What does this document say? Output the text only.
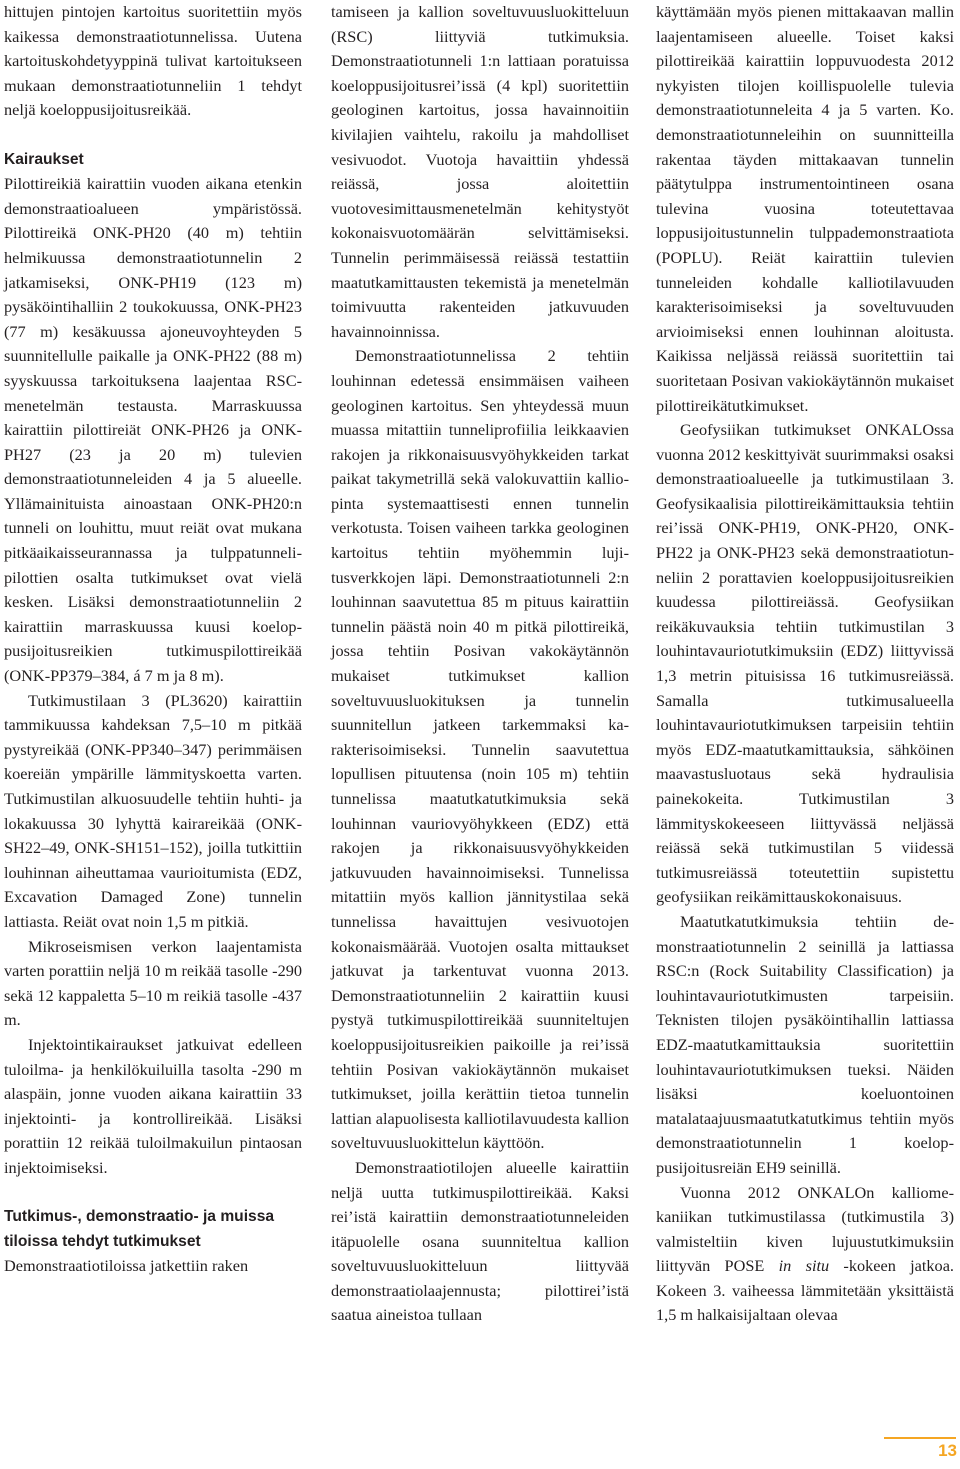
hittujen pintojen kartoitus suoritettiin myös kaikessa demonstraatiotunnelissa. Uutena kartoituskohdetyyppinä tulivat kartoitukseen mukaan demonstraatiotunneliin 1 tehdyt neljä koeloppusijoitusreikää.

Kairaukset

Pilottireikiä kairattiin vuoden aikana etenkin demonstraatioalueen ympäristössä. Pilottireikä ONK-PH20 (40 m) tehtiin helmikuussa demonstraatiotunnelin 2 jatkamiseksi, ONK-PH19 (123 m) pysäköintihalliin 2 toukokuussa, ONK-PH23 (77 m) kesäkuussa ajoneuvoyhteyden 5 suunnitellulle paikalle ja ONK-PH22 (88 m) syyskuussa tarkoituksena laajentaa RSC-menetelmän testausta. Marraskuussa kairattiin pilottireiät ONK-PH26 ja ONK-PH27 (23 ja 20 m) tulevien demonstraatiotunneleiden 4 ja 5 alueelle. Yllämainituista ainoastaan ONK-PH20:n tunneli on louhittu, muut reiät ovat mukana pitkäaikaisseurannassa ja tulppatunnelipilottien osalta tutkimukset ovat vielä kesken. Lisäksi demonstraatiotunneliin 2 kairattiin marraskuussa kuusi koeloppusijoitusreikien tutkimuspilottireikää (ONK-PP379–384, á 7 m ja 8 m).

Tutkimustilaan 3 (PL3620) kairattiin tammikuussa kahdeksan 7,5–10 m pitkää pystyreikää (ONK-PP340–347) perimmäisen koereiän ympärille lämmityskoetta varten. Tutkimustilan alkuosuudelle tehtiin huhti- ja lokakuussa 30 lyhyttä kairareikää (ONK-SH22–49, ONK-SH151–152), joilla tutkittiin louhinnan aiheuttamaa vaurioitumista (EDZ, Excavation Damaged Zone) tunnelin lattiasta. Reiät ovat noin 1,5 m pitkiä.

Mikroseismisen verkon laajentamista varten porattiin neljä 10 m reikää tasolle -290 sekä 12 kappaletta 5–10 m reikiä tasolle -437 m.

Injektointikairaukset jatkuivat edelleen tuloilma- ja henkilökuiluilla tasolta -290 m alaspäin, jonne vuoden aikana kairattiin 33 injektointi- ja kontrollireikää. Lisäksi porattiin 12 reikää tuloilmakuilun pintaosan injektoimiseksi.

Tutkimus-, demonstraatio- ja muissa tiloissa tehdyt tutkimukset

Demonstraatiotiloissa jatkettiin raken

tamiseen ja kallion soveltuvuusluokitteluun (RSC) liittyviä tutkimuksia. Demonstraatiotunneli 1:n lattiaan poratuissa koeloppusijoitusrei’issä (4 kpl) suoritettiin geologinen kartoitus, jossa havainnoitiin kivilajien vaihtelu, rakoilu ja mahdolliset vesivuodot. Vuotoja havaittiin yhdessä reiässä, jossa aloitettiin vuotovesimittausmenetelmän kehitystyöt kokonaisvuotomäärän selvittämiseksi. Tunnelin perimmäisessä reiässä testattiin maatutkamittausten tekemistä ja menetelmän toimivuutta rakenteiden jatkuvuuden havainnoinnissa.

Demonstraatiotunnelissa 2 tehtiin louhinnan edetessä ensimmäisen vaiheen geologinen kartoitus. Sen yhteydessä muun muassa mitattiin tunneliprofiilia leikkaavien rakojen ja rikkonaisuusvyöhykkeiden tarkat paikat takymetrillä sekä valokuvattiin kalliopinta systemaattisesti ennen tunnelin verkotusta. Toisen vaiheen tarkka geologinen kartoitus tehtiin myöhemmin lujitusverkkojen läpi. Demonstraatiotunneli 2:n louhinnan saavutettua 85 m pituus kairattiin tunnelin päästä noin 40 m pitkä pilottireikä, jossa tehtiin Posivan vakokäytännön mukaiset tutkimukset kallion soveltuvuusluokituksen ja tunnelin suunnitellun jatkeen tarkemmaksi karakterisoimiseksi. Tunnelin saavutettua lopullisen pituutensa (noin 105 m) tehtiin tunnelissa maatutkatutkimuksia sekä louhinnan vauriovyöhykkeen (EDZ) että rakojen ja rikkonaisuusvyöhykkeiden jatkuvuuden havainnoimiseksi. Tunnelissa mitattiin myös kallion jännitystilaa sekä tunnelissa havaittujen vesivuotojen kokonaismäärää. Vuotojen osalta mittaukset jatkuvat ja tarkentuvat vuonna 2013. Demonstraatiotunneliin 2 kairattiin kuusi pystyä tutkimuspilottireikää suunniteltujen koeloppusijoitusreikien paikoille ja rei’issä tehtiin Posivan vakiokäytännön mukaiset tutkimukset, joilla kerättiin tietoa tunnelin lattian alapuolisesta kalliotilavuudesta kallion soveltuvuusluokittelun käyttöön.

Demonstraatiotilojen alueelle kairattiin neljä uutta tutkimuspilottireikää. Kaksi rei’istä kairattiin demonstraatiotunneleiden itäpuolelle osana suunniteltua kallion soveltuvuusluokitteluun liittyvää demonstraatiolaajennusta; pilottirei’istä saatua aineistoa tullaan

käyttämään myös pienen mittakaavan mallin laajentamiseen alueelle. Toiset kaksi pilottireikää kairattiin loppuvuodesta 2012 nykyisten tilojen koillispuolelle tulevia demonstraatiotunneleita 4 ja 5 varten. Ko. demonstraatiotunneleihin on suunnitteilla rakentaa täyden mittakaavan tunnelin päätytulppa instrumentointineen osana tulevina vuosina toteutettavaa loppusijoitustunnelin tulppademonstraatiota (POPLU). Reiät kairattiin tulevien tunneleiden kohdalle kalliotilavuuden karakterisoimiseksi ja soveltuvuuden arvioimiseksi ennen louhinnan aloitusta. Kaikissa neljässä reiässä suoritettiin tai suoritetaan Posivan vakiokäytännön mukaiset pilottireikätutkimukset.

Geofysiikan tutkimukset ONKALOssa vuonna 2012 keskittyivät suurimmaksi osaksi demonstraatioalueelle ja tutkimustilaan 3. Geofysikaalisia pilottireikämittauksia tehtiin rei’issä ONK-PH19, ONK-PH20, ONK-PH22 ja ONK-PH23 sekä demonstraatiotunneliin 2 porattavien koeloppusijoitusreikien kuudessa pilottireiässä. Geofysiikan reikäkuvauksia tehtiin tutkimustilan 3 louhintavauriotutkimuksiin (EDZ) liittyvissä 1,3 metrin pituisissa 16 tutkimusreiässä. Samalla tutkimusalueella louhintavauriotutkimuksen tarpeisiin tehtiin myös EDZ-maatutkamittauksia, sähköinen maavastusluotaus sekä hydraulisia painekokeita. Tutkimustilan 3 lämmityskokeeseen liittyvässä neljässä reiässä sekä tutkimustilan 5 viidessä tutkimusreiässä toteutettiin supistettu geofysiikan reikämittauskokonaisuus.

Maatutkatutkimuksia tehtiin demonstraatiotunnelin 2 seinillä ja lattiassa RSC:n (Rock Suitability Classification) ja louhintavauriotutkimusten tarpeisiin. Teknisten tilojen pysäköintihallin lattiassa EDZ-maatutkamittauksia suoritettiin louhintavauriotutkimuksen tueksi. Näiden lisäksi koeluontoinen matalataajuusmaatutkatutkimus tehtiin myös demonstraatiotunnelin 1 koeloppusijoitusreiän EH9 seinillä.

Vuonna 2012 ONKALOn kalliomekaniikan tutkimustilassa (tutkimustila 3) valmisteltiin kiven lujuustutkimuksiin liittyvän POSE in situ -kokeen jatkoa. Kokeen 3. vaiheessa lämmitetään yksittäistä 1,5 m halkaisijaltaan olevaa

13
